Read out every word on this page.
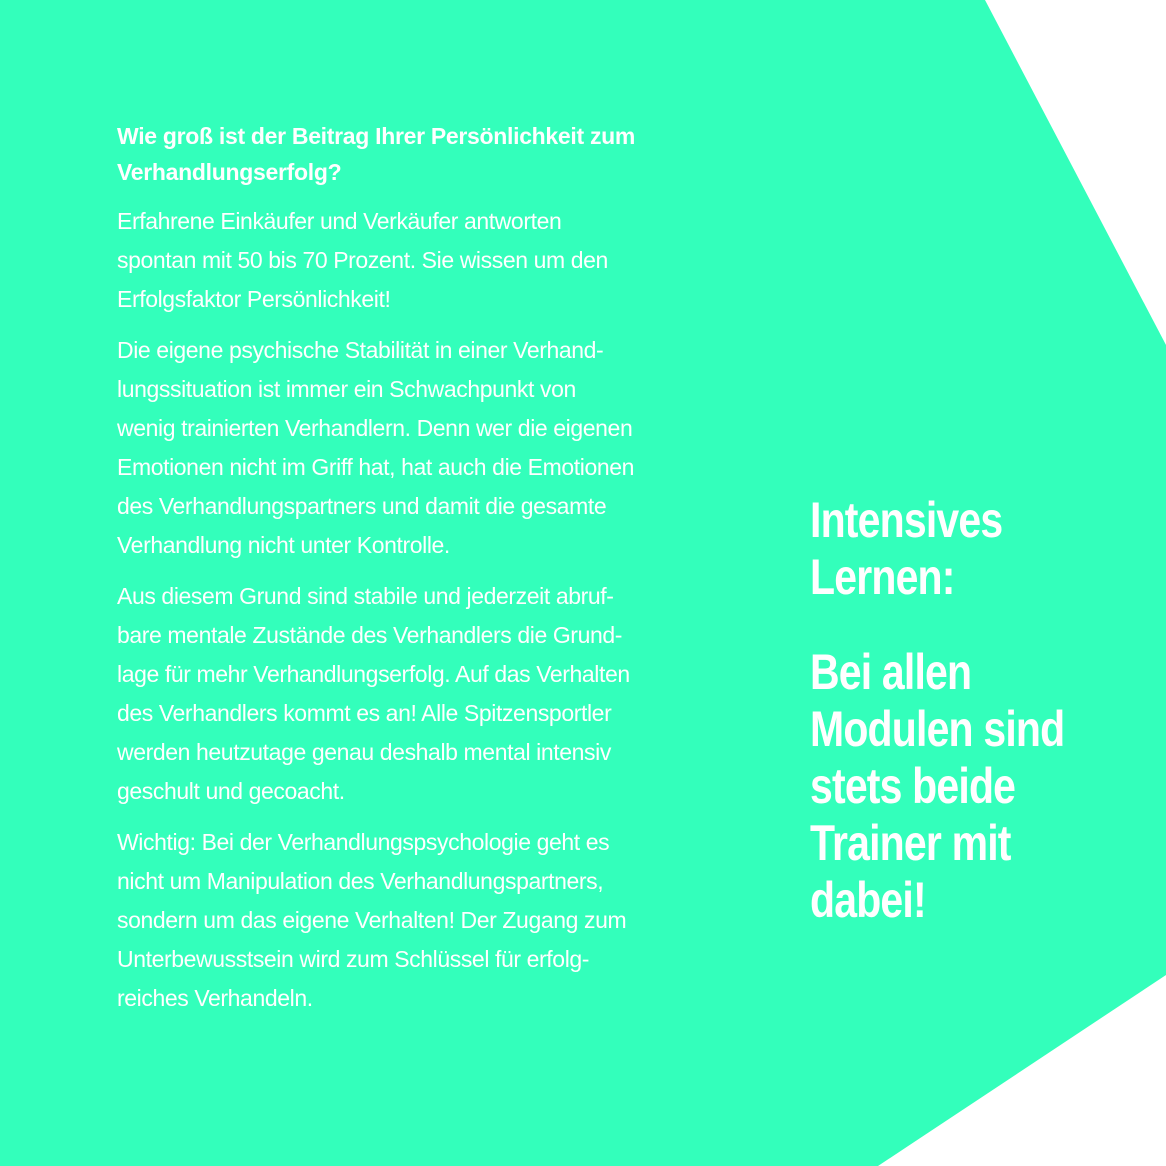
Wie groß ist der Beitrag Ihrer Persönlichkeit zum
Verhandlungserfolg?

Erfahrene Einkäufer und Verkäufer antworten
spontan mit 50 bis 70 Prozent. Sie wissen um den
Erfolgsfaktor Persönlichkeit!

Die eigene psychische Stabilität in einer Verhand-
lungssituation ist immer ein Schwachpunkt von
wenig trainierten Verhandlern. Denn wer die eigenen
Emotionen nicht im Griff hat, hat auch die Emotionen
des Verhandlungspartners und damit die gesamte
Verhandlung nicht unter Kontrolle.

Aus diesem Grund sind stabile und jederzeit abruf-
bare mentale Zustände des Verhandlers die Grund-
lage für mehr Verhandlungserfolg. Auf das Verhalten
des Verhandlers kommt es an! Alle Spitzensportler
werden heutzutage genau deshalb mental intensiv
geschult und gecoacht.

Wichtig: Bei der Verhandlungspsychologie geht es
nicht um Manipulation des Verhandlungspartners,
sondern um das eigene Verhalten! Der Zugang zum
Unterbewusstsein wird zum Schlüssel für erfolg-
reiches Verhandeln.

Intensives
Lernen:
Bei allen
Modulen sind
stets beide
Trainer mit
dabei!
